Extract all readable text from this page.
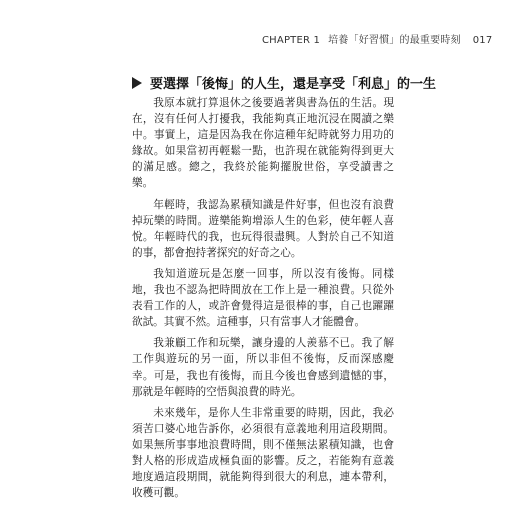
CHAPTER 1 培養「好習慣」的最重要時刻 017
要選擇「後悔」的人生，還是享受「利息」的一生

我原本就打算退休之後要過著與書為伍的生活。現在，沒有任何人打擾我，我能夠真正地沉浸在閱讀之樂中。事實上，這是因為我在你這種年紀時就努力用功的緣故。如果當初再輕鬆一點，也許現在就能夠得到更大的滿足感。總之，我終於能夠擺脫世俗，享受讀書之樂。

年輕時，我認為累積知識是件好事，但也沒有浪費掉玩樂的時間。遊樂能夠增添人生的色彩，使年輕人喜悅。年輕時代的我，也玩得很盡興。人對於自己不知道的事，都會抱持著探究的好奇之心。

我知道遊玩是怎麼一回事，所以沒有後悔。同樣地，我也不認為把時間放在工作上是一種浪費。只從外表看工作的人，或許會覺得這是很棒的事，自己也躍躍欲試。其實不然。這種事，只有當事人才能體會。

我兼顧工作和玩樂，讓身邊的人羨慕不已。我了解工作與遊玩的另一面，所以非但不後悔，反而深感慶幸。可是，我也有後悔，而且今後也會感到遺憾的事，那就是年輕時的空悟與浪費的時光。

未來幾年，是你人生非常重要的時期，因此，我必須苦口婆心地告訴你，必須很有意義地利用這段期間。如果無所事事地浪費時間，則不僅無法累積知識，也會對人格的形成造成極負面的影響。反之，若能夠有意義地度過這段期間，就能夠得到很大的利息，連本帶利，收穫可觀。
